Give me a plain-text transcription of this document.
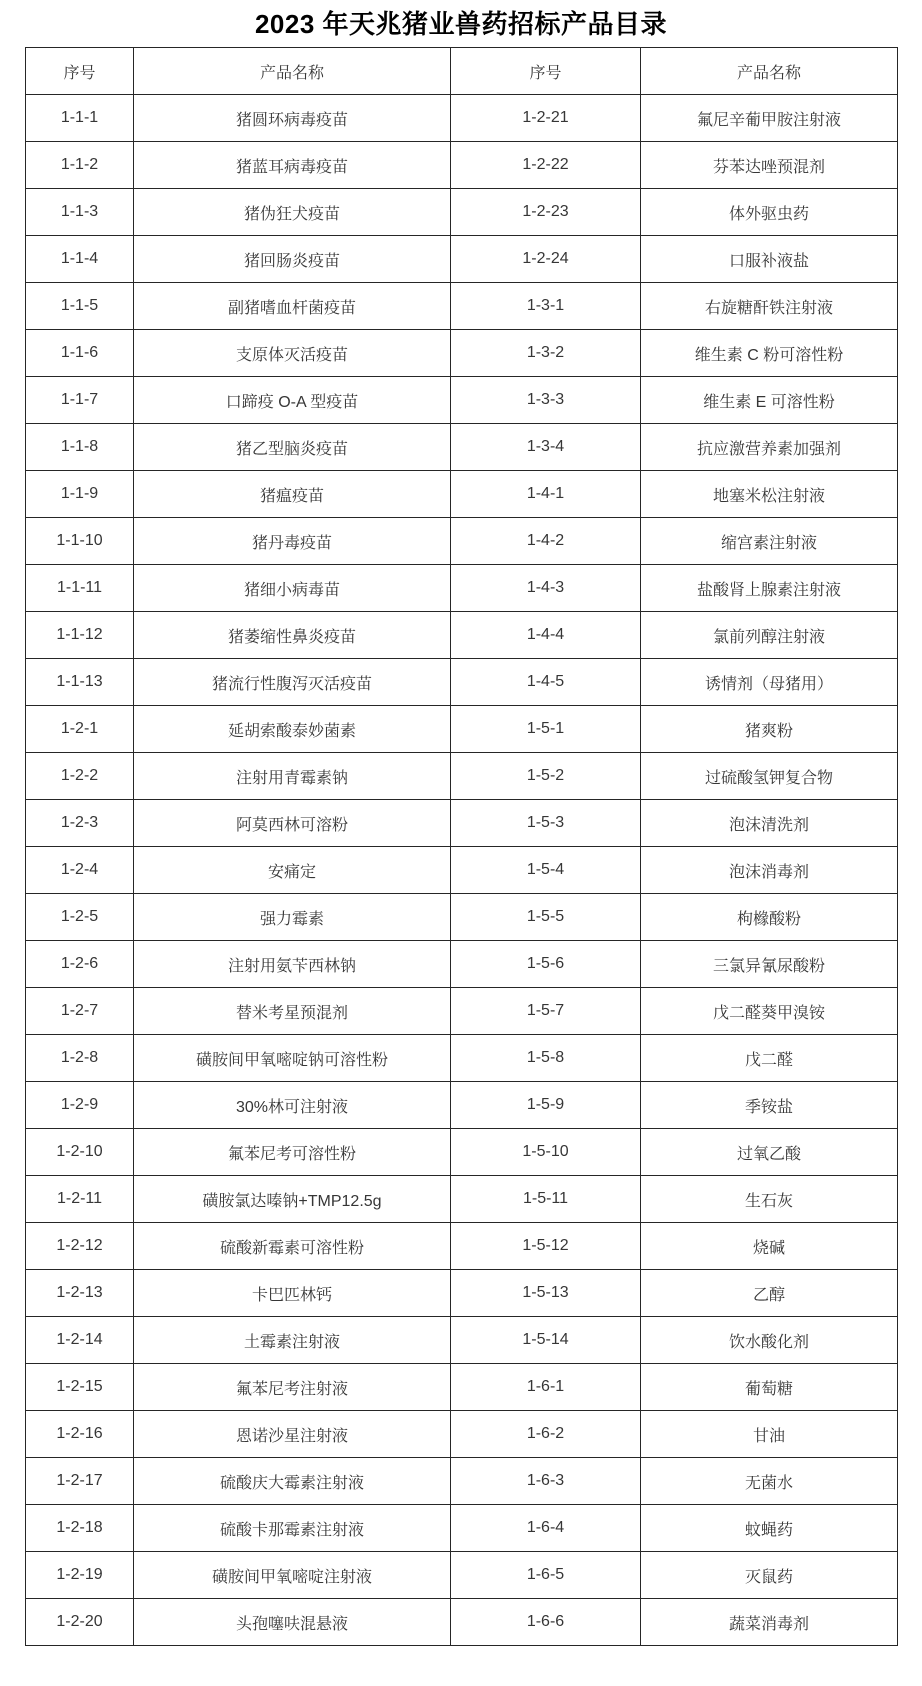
2023 年天兆猪业兽药招标产品目录
序号	产品名称	序号	产品名称
1-1-1	猪圆环病毒疫苗	1-2-21	氟尼辛葡甲胺注射液
1-1-2	猪蓝耳病毒疫苗	1-2-22	芬苯达唑预混剂
1-1-3	猪伪狂犬疫苗	1-2-23	体外驱虫药
1-1-4	猪回肠炎疫苗	1-2-24	口服补液盐
1-1-5	副猪嗜血杆菌疫苗	1-3-1	右旋糖酐铁注射液
1-1-6	支原体灭活疫苗	1-3-2	维生素 C 粉可溶性粉
1-1-7	口蹄疫 O-A 型疫苗	1-3-3	维生素 E 可溶性粉
1-1-8	猪乙型脑炎疫苗	1-3-4	抗应激营养素加强剂
1-1-9	猪瘟疫苗	1-4-1	地塞米松注射液
1-1-10	猪丹毒疫苗	1-4-2	缩宫素注射液
1-1-11	猪细小病毒苗	1-4-3	盐酸肾上腺素注射液
1-1-12	猪萎缩性鼻炎疫苗	1-4-4	氯前列醇注射液
1-1-13	猪流行性腹泻灭活疫苗	1-4-5	诱情剂（母猪用）
1-2-1	延胡索酸泰妙菌素	1-5-1	猪爽粉
1-2-2	注射用青霉素钠	1-5-2	过硫酸氢钾复合物
1-2-3	阿莫西林可溶粉	1-5-3	泡沫清洗剂
1-2-4	安痛定	1-5-4	泡沫消毒剂
1-2-5	强力霉素	1-5-5	枸橼酸粉
1-2-6	注射用氨苄西林钠	1-5-6	三氯异氰尿酸粉
1-2-7	替米考星预混剂	1-5-7	戊二醛葵甲溴铵
1-2-8	磺胺间甲氧嘧啶钠可溶性粉	1-5-8	戊二醛
1-2-9	30%林可注射液	1-5-9	季铵盐
1-2-10	氟苯尼考可溶性粉	1-5-10	过氧乙酸
1-2-11	磺胺氯达嗪钠+TMP12.5g	1-5-11	生石灰
1-2-12	硫酸新霉素可溶性粉	1-5-12	烧碱
1-2-13	卡巴匹林钙	1-5-13	乙醇
1-2-14	土霉素注射液	1-5-14	饮水酸化剂
1-2-15	氟苯尼考注射液	1-6-1	葡萄糖
1-2-16	恩诺沙星注射液	1-6-2	甘油
1-2-17	硫酸庆大霉素注射液	1-6-3	无菌水
1-2-18	硫酸卡那霉素注射液	1-6-4	蚊蝇药
1-2-19	磺胺间甲氧嘧啶注射液	1-6-5	灭鼠药
1-2-20	头孢噻呋混悬液	1-6-6	蔬菜消毒剂
